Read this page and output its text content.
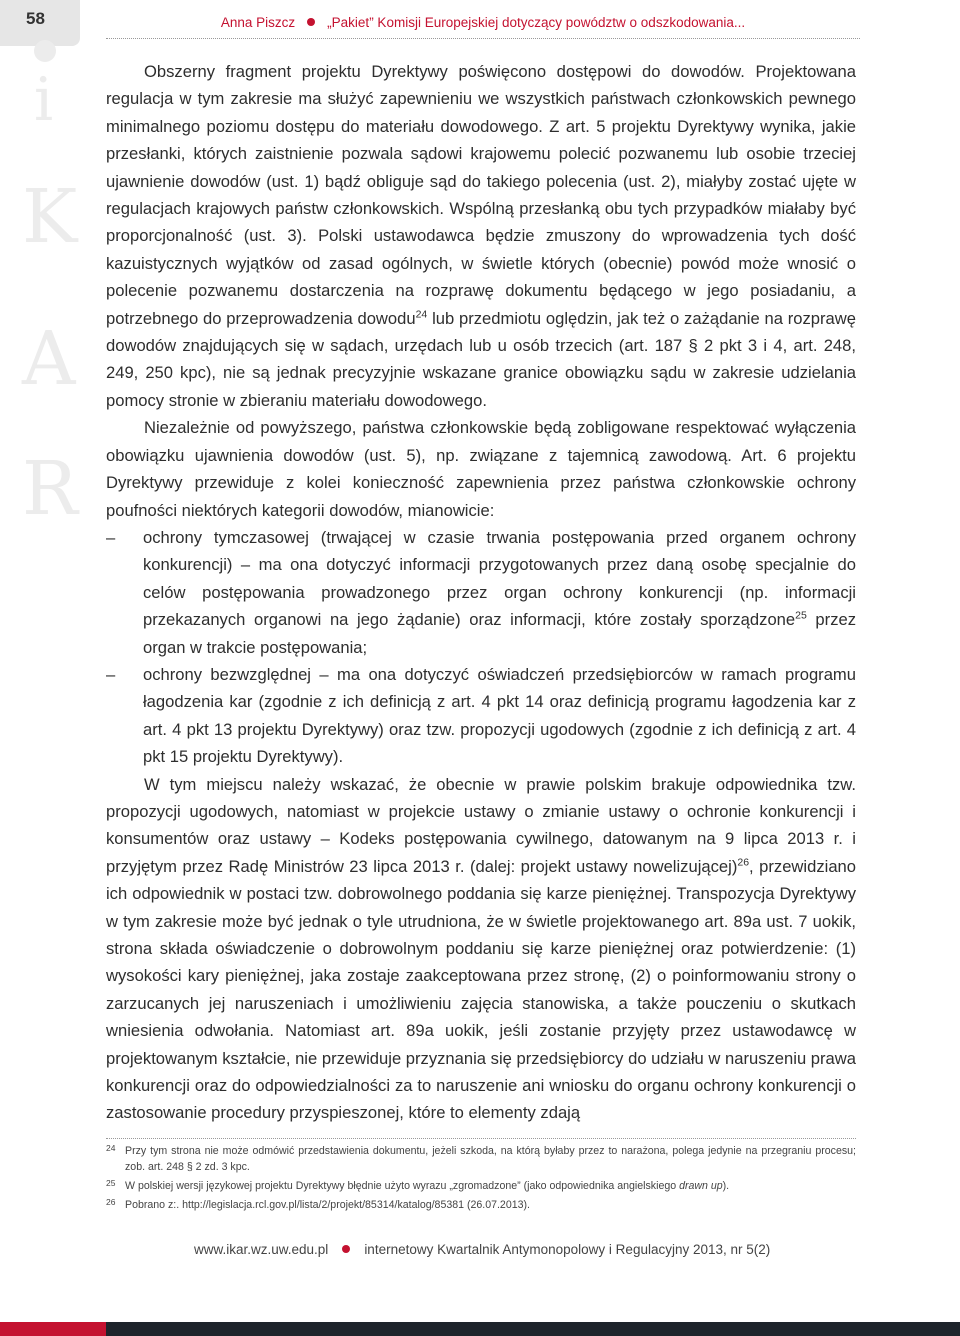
58	Anna Piszcz „Pakiet” Komisji Europejskiej dotyczący powództw o odszkodowania...
i
K
A
R

Obszerny fragment projektu Dyrektywy poświęcono dostępowi do dowodów. Projektowana regulacja w tym zakresie ma służyć zapewnieniu we wszystkich państwach członkowskich pewnego minimalnego poziomu dostępu do materiału dowodowego. Z art. 5 projektu Dyrektywy wynika, jakie przesłanki, których zaistnienie pozwala sądowi krajowemu polecić pozwanemu lub osobie trzeciej ujawnienie dowodów (ust. 1) bądź obliguje sąd do takiego polecenia (ust. 2), miałyby zostać ujęte w regulacjach krajowych państw członkowskich. Wspólną przesłanką obu tych przypadków miałaby być proporcjonalność (ust. 3). Polski ustawodawca będzie zmuszony do wprowadzenia tych dość kazuistycznych wyjątków od zasad ogólnych, w świetle których (obecnie) powód może wnosić o polecenie pozwanemu dostarczenia na rozprawę dokumentu będącego w jego posiadaniu, a potrzebnego do przeprowadzenia dowodu$^{24}$ lub przedmiotu oględzin, jak też o zażądanie na rozprawę dowodów znajdujących się w sądach, urzędach lub u osób trzecich (art. 187 § 2 pkt 3 i 4, art. 248, 249, 250 kpc), nie są jednak precyzyjnie wskazane granice obowiązku sądu w zakresie udzielania pomocy stronie w zbieraniu materiału dowodowego.

Niezależnie od powyższego, państwa członkowskie będą zobligowane respektować wyłączenia obowiązku ujawnienia dowodów (ust. 5), np. związane z tajemnicą zawodową. Art. 6 projektu Dyrektywy przewiduje z kolei konieczność zapewnienia przez państwa członkowskie ochrony poufności niektórych kategorii dowodów, mianowicie:

– ochrony tymczasowej (trwającej w czasie trwania postępowania przed organem ochrony konkurencji) – ma ona dotyczyć informacji przygotowanych przez daną osobę specjalnie do celów postępowania prowadzonego przez organ ochrony konkurencji (np. informacji przekazanych organowi na jego żądanie) oraz informacji, które zostały sporządzone$^{25}$ przez organ w trakcie postępowania;

– ochrony bezwzględnej – ma ona dotyczyć oświadczeń przedsiębiorców w ramach programu łagodzenia kar (zgodnie z ich definicją z art. 4 pkt 14 oraz definicją programu łagodzenia kar z art. 4 pkt 13 projektu Dyrektywy) oraz tzw. propozycji ugodowych (zgodnie z ich definicją z art. 4 pkt 15 projektu Dyrektywy).

W tym miejscu należy wskazać, że obecnie w prawie polskim brakuje odpowiednika tzw. propozycji ugodowych, natomiast w projekcie ustawy o zmianie ustawy o ochronie konkurencji i konsumentów oraz ustawy – Kodeks postępowania cywilnego, datowanym na 9 lipca 2013 r. i przyjętym przez Radę Ministrów 23 lipca 2013 r. (dalej: projekt ustawy nowelizującej)$^{26}$, przewidziano ich odpowiednik w postaci tzw. dobrowolnego poddania się karze pieniężnej. Transpozycja Dyrektywy w tym zakresie może być jednak o tyle utrudniona, że w świetle projektowanego art. 89a ust. 7 uokik, strona składa oświadczenie o dobrowolnym poddaniu się karze pieniężnej oraz potwierdzenie: (1) wysokości kary pieniężnej, jaka zostaje zaakceptowana przez stronę, (2) o poinformowaniu strony o zarzucanych jej naruszeniach i umożliwieniu zajęcia stanowiska, a także pouczeniu o skutkach wniesienia odwołania. Natomiast art. 89a uokik, jeśli zostanie przyjęty przez ustawodawcę w projektowanym kształcie, nie przewiduje przyznania się przedsiębiorcy do udziału w naruszeniu prawa konkurencji oraz do odpowiedzialności za to naruszenie ani wniosku do organu ochrony konkurencji o zastosowanie procedury przyspieszonej, które to elementy zdają

24 Przy tym strona nie może odmówić przedstawienia dokumentu, jeżeli szkoda, na którą byłaby przez to narażona, polega jedynie na przegraniu procesu; zob. art. 248 § 2 zd. 3 kpc.
25 W polskiej wersji językowej projektu Dyrektywy błędnie użyto wyrazu „zgromadzone” (jako odpowiednika angielskiego drawn up).
26 Pobrano z:. http://legislacja.rcl.gov.pl/lista/2/projekt/85314/katalog/85381 (26.07.2013).
www.ikar.wz.uw.edu.pl	internetowy Kwartalnik Antymonopolowy i Regulacyjny 2013, nr 5(2)
